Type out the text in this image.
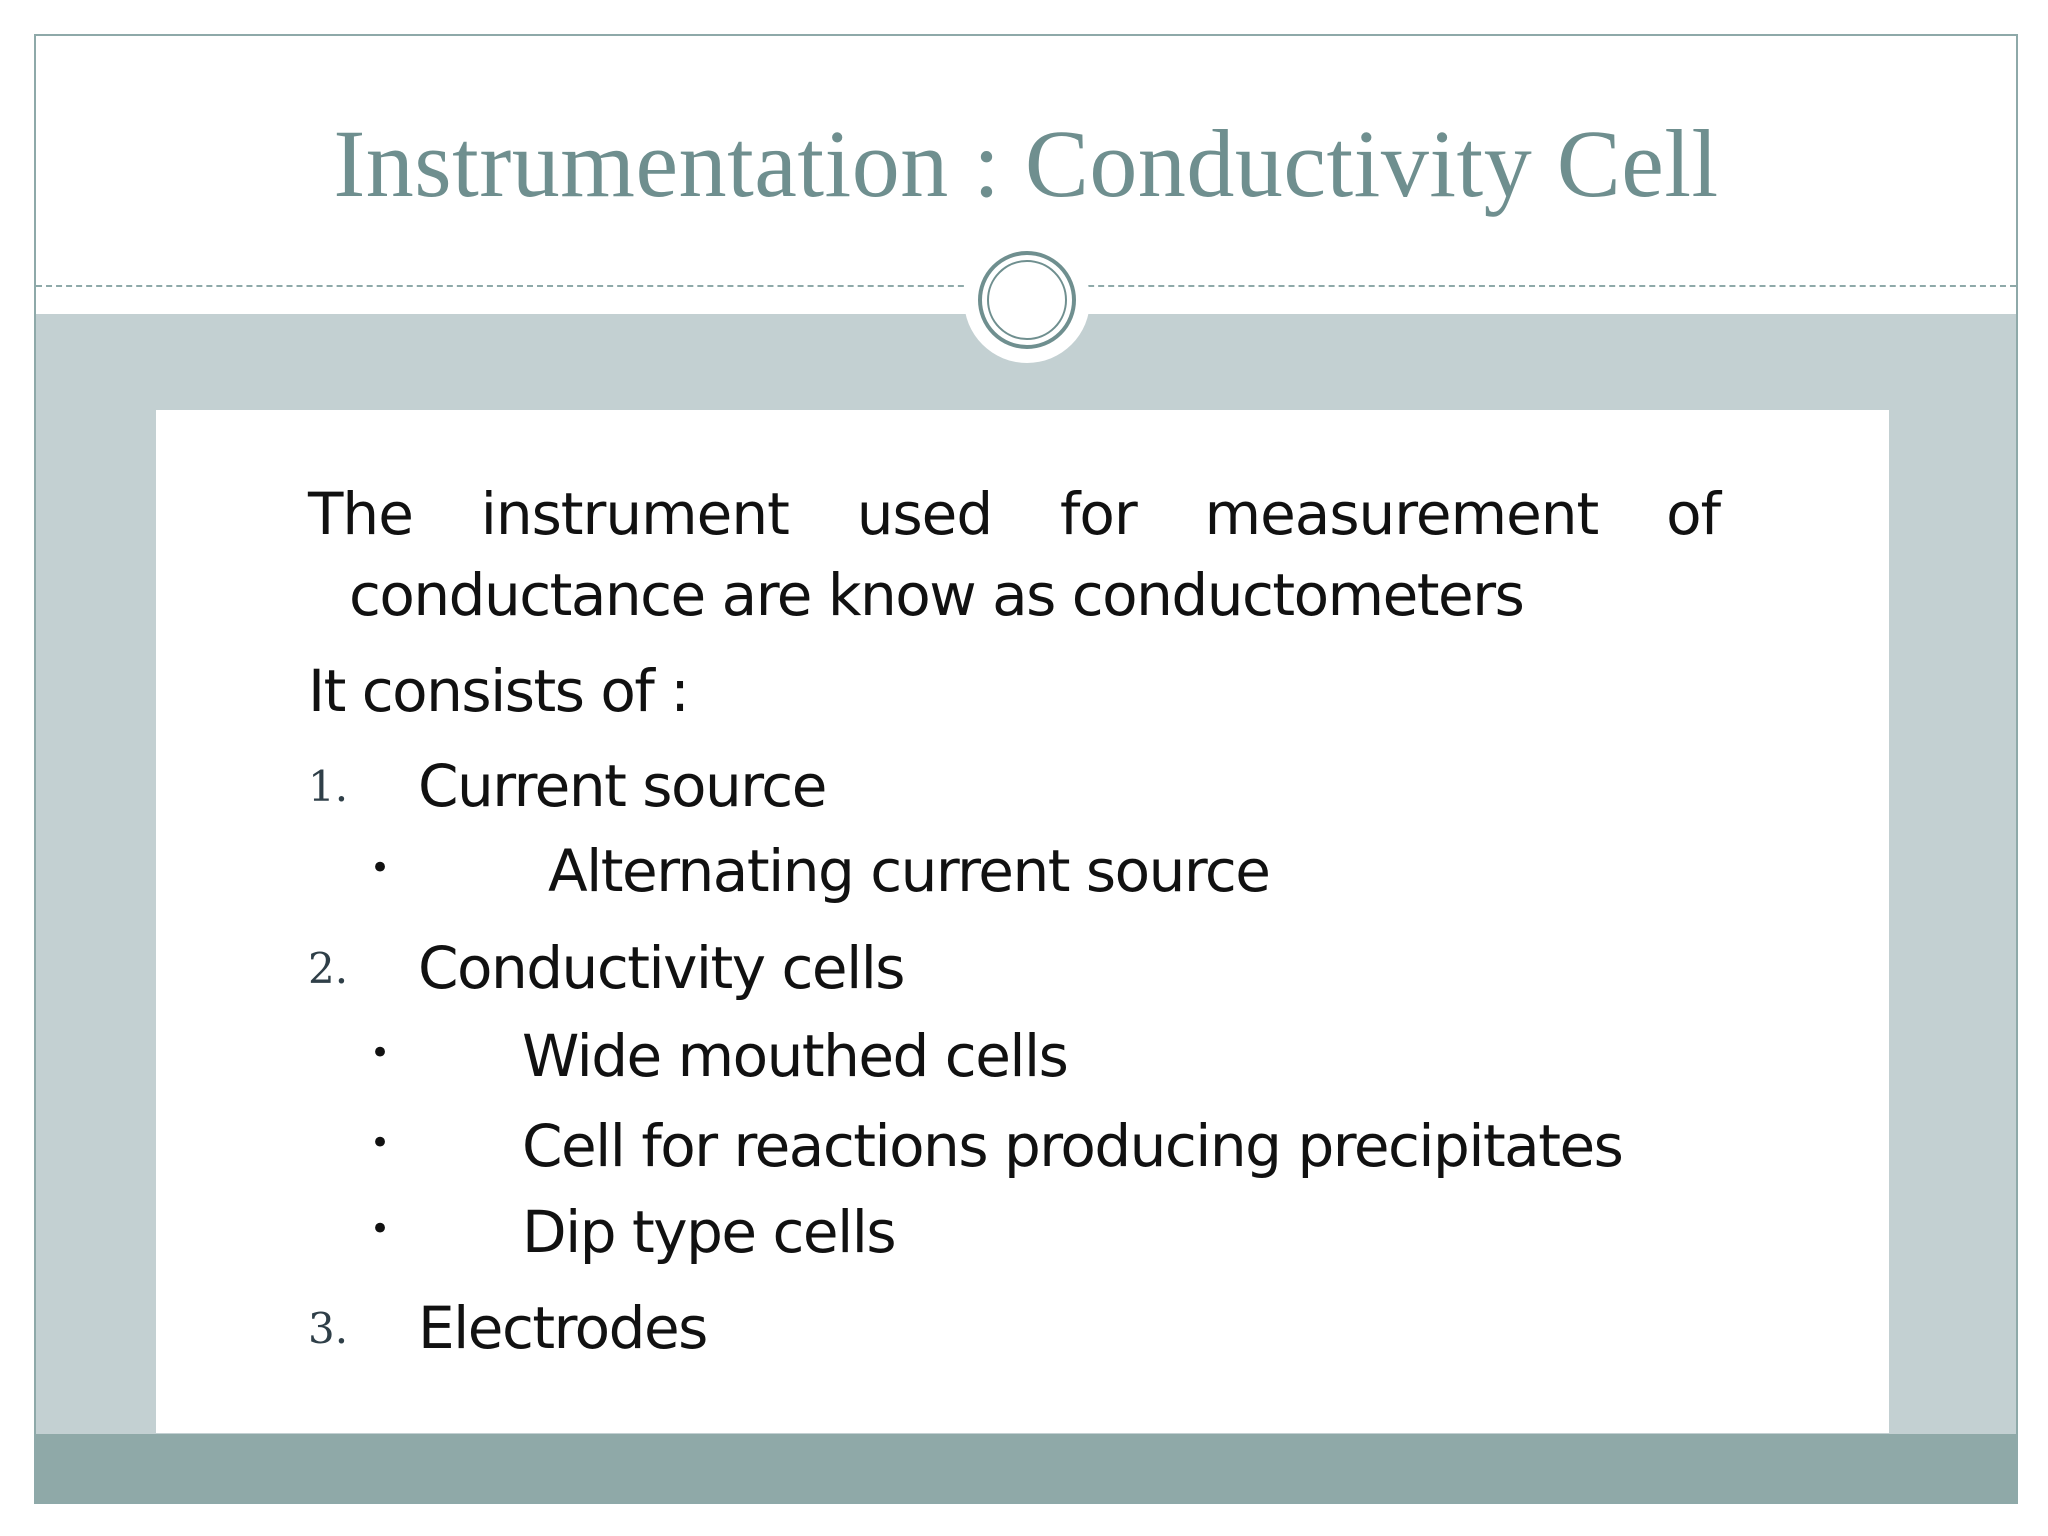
Instrumentation : Conductivity Cell
The instrument used for measurement of
conductance are know as conductometers
It consists of :
1. Current source
•	Alternating current source
2. Conductivity cells
• Wide mouthed cells
• Cell for reactions producing precipitates
• Dip type cells
3. Electrodes
